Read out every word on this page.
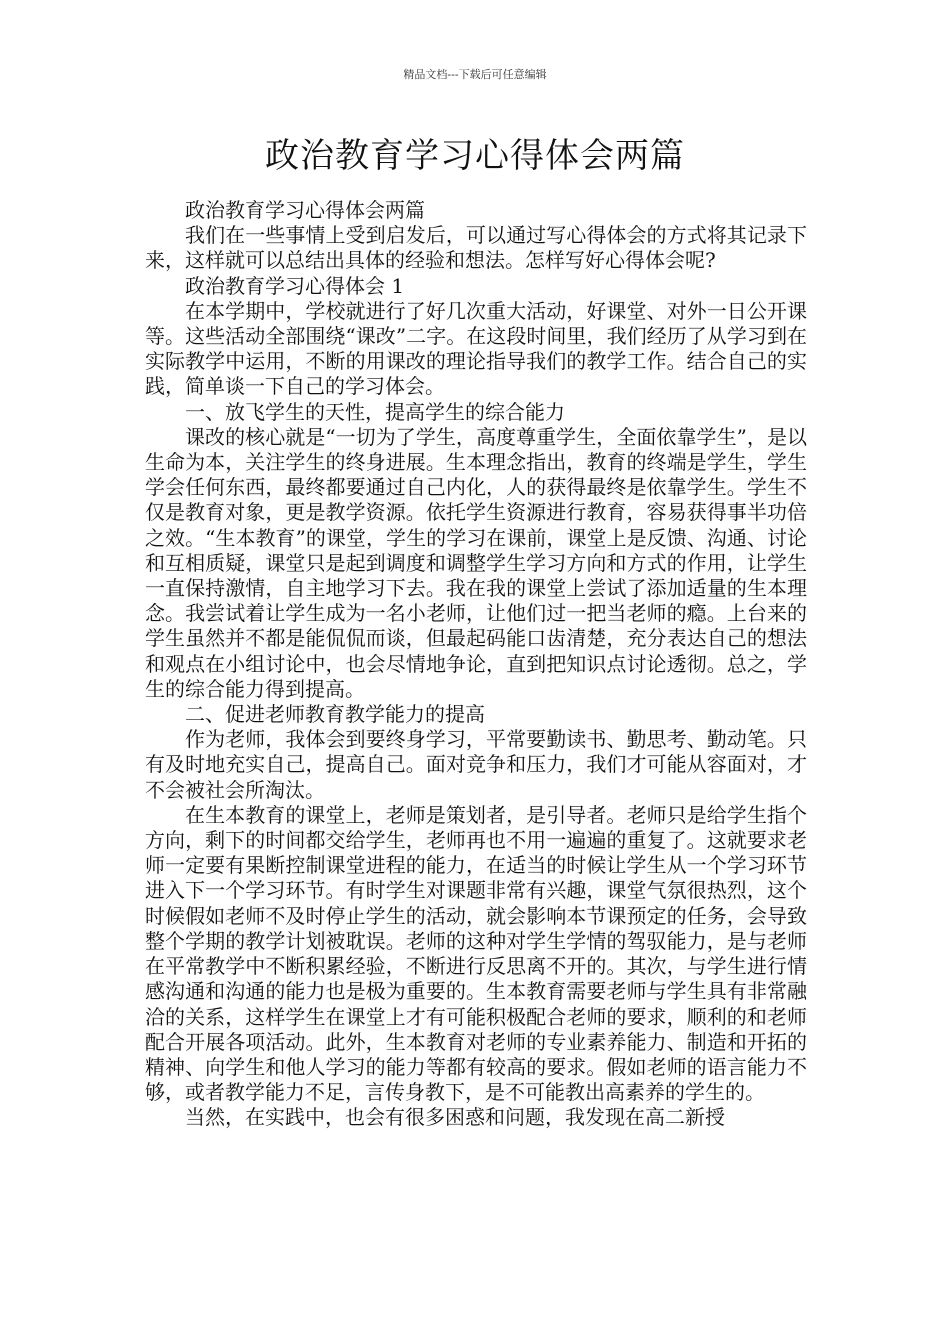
精品文档---下载后可任意编辑
政治教育学习心得体会两篇

政治教育学习心得体会两篇

我们在一些事情上受到启发后，可以通过写心得体会的方式将其记录下来，这样就可以总结出具体的经验和想法。怎样写好心得体会呢?

政治教育学习心得体会 1

在本学期中，学校就进行了好几次重大活动，好课堂、对外一日公开课等。这些活动全部围绕“课改”二字。在这段时间里，我们经历了从学习到在实际教学中运用，不断的用课改的理论指导我们的教学工作。结合自己的实践，简单谈一下自己的学习体会。

一、放飞学生的天性，提高学生的综合能力

课改的核心就是“一切为了学生，高度尊重学生，全面依靠学生”，是以生命为本，关注学生的终身进展。生本理念指出，教育的终端是学生，学生学会任何东西，最终都要通过自己内化，人的获得最终是依靠学生。学生不仅是教育对象，更是教学资源。依托学生资源进行教育，容易获得事半功倍之效。“生本教育”的课堂，学生的学习在课前，课堂上是反馈、沟通、讨论和互相质疑，课堂只是起到调度和调整学生学习方向和方式的作用，让学生一直保持激情，自主地学习下去。我在我的课堂上尝试了添加适量的生本理念。我尝试着让学生成为一名小老师，让他们过一把当老师的瘾。上台来的学生虽然并不都是能侃侃而谈，但最起码能口齿清楚，充分表达自己的想法和观点在小组讨论中，也会尽情地争论，直到把知识点讨论透彻。总之，学生的综合能力得到提高。

二、促进老师教育教学能力的提高

作为老师，我体会到要终身学习，平常要勤读书、勤思考、勤动笔。只有及时地充实自己，提高自己。面对竞争和压力，我们才可能从容面对，才不会被社会所淘汰。

在生本教育的课堂上，老师是策划者，是引导者。老师只是给学生指个方向，剩下的时间都交给学生，老师再也不用一遍遍的重复了。这就要求老师一定要有果断控制课堂进程的能力，在适当的时候让学生从一个学习环节进入下一个学习环节。有时学生对课题非常有兴趣，课堂气氛很热烈，这个时候假如老师不及时停止学生的活动，就会影响本节课预定的任务，会导致整个学期的教学计划被耽误。老师的这种对学生学情的驾驭能力，是与老师在平常教学中不断积累经验，不断进行反思离不开的。其次，与学生进行情感沟通和沟通的能力也是极为重要的。生本教育需要老师与学生具有非常融洽的关系，这样学生在课堂上才有可能积极配合老师的要求，顺利的和老师配合开展各项活动。此外，生本教育对老师的专业素养能力、制造和开拓的精神、向学生和他人学习的能力等都有较高的要求。假如老师的语言能力不够，或者教学能力不足，言传身教下，是不可能教出高素养的学生的。

当然，在实践中，也会有很多困惑和问题，我发现在高二新授
